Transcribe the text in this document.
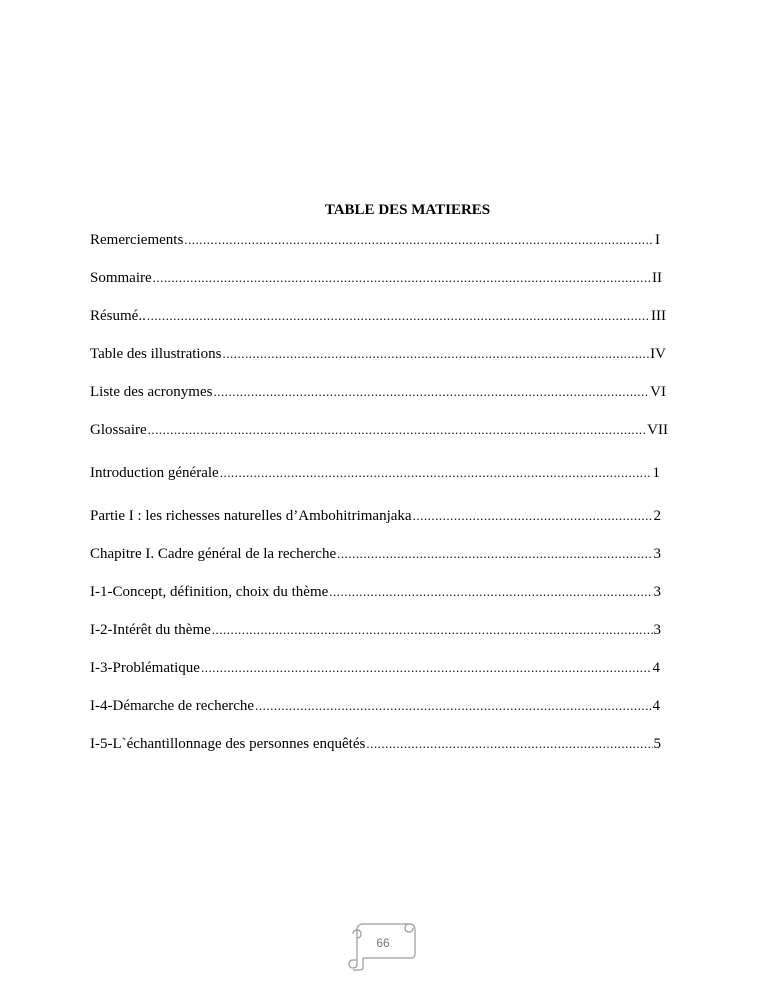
TABLE DES MATIERES
Remerciements .....	I
Sommaire .....	II
Résumé.. .....	III
Table des illustrations .....	IV
Liste des acronymes .....	VI
Glossaire .....	VII
Introduction générale .....	1
Partie I : les richesses naturelles d’Ambohitrimanjaka .....	2
Chapitre I. Cadre général de la recherche .....	3
I-1-Concept, définition, choix du thème .....	3
I-2-Intérêt du thème .....	3
I-3-Problématique .....	4
I-4-Démarche de recherche .....	4
I-5-L`échantillonnage des personnes enquêtés .....	5
66
